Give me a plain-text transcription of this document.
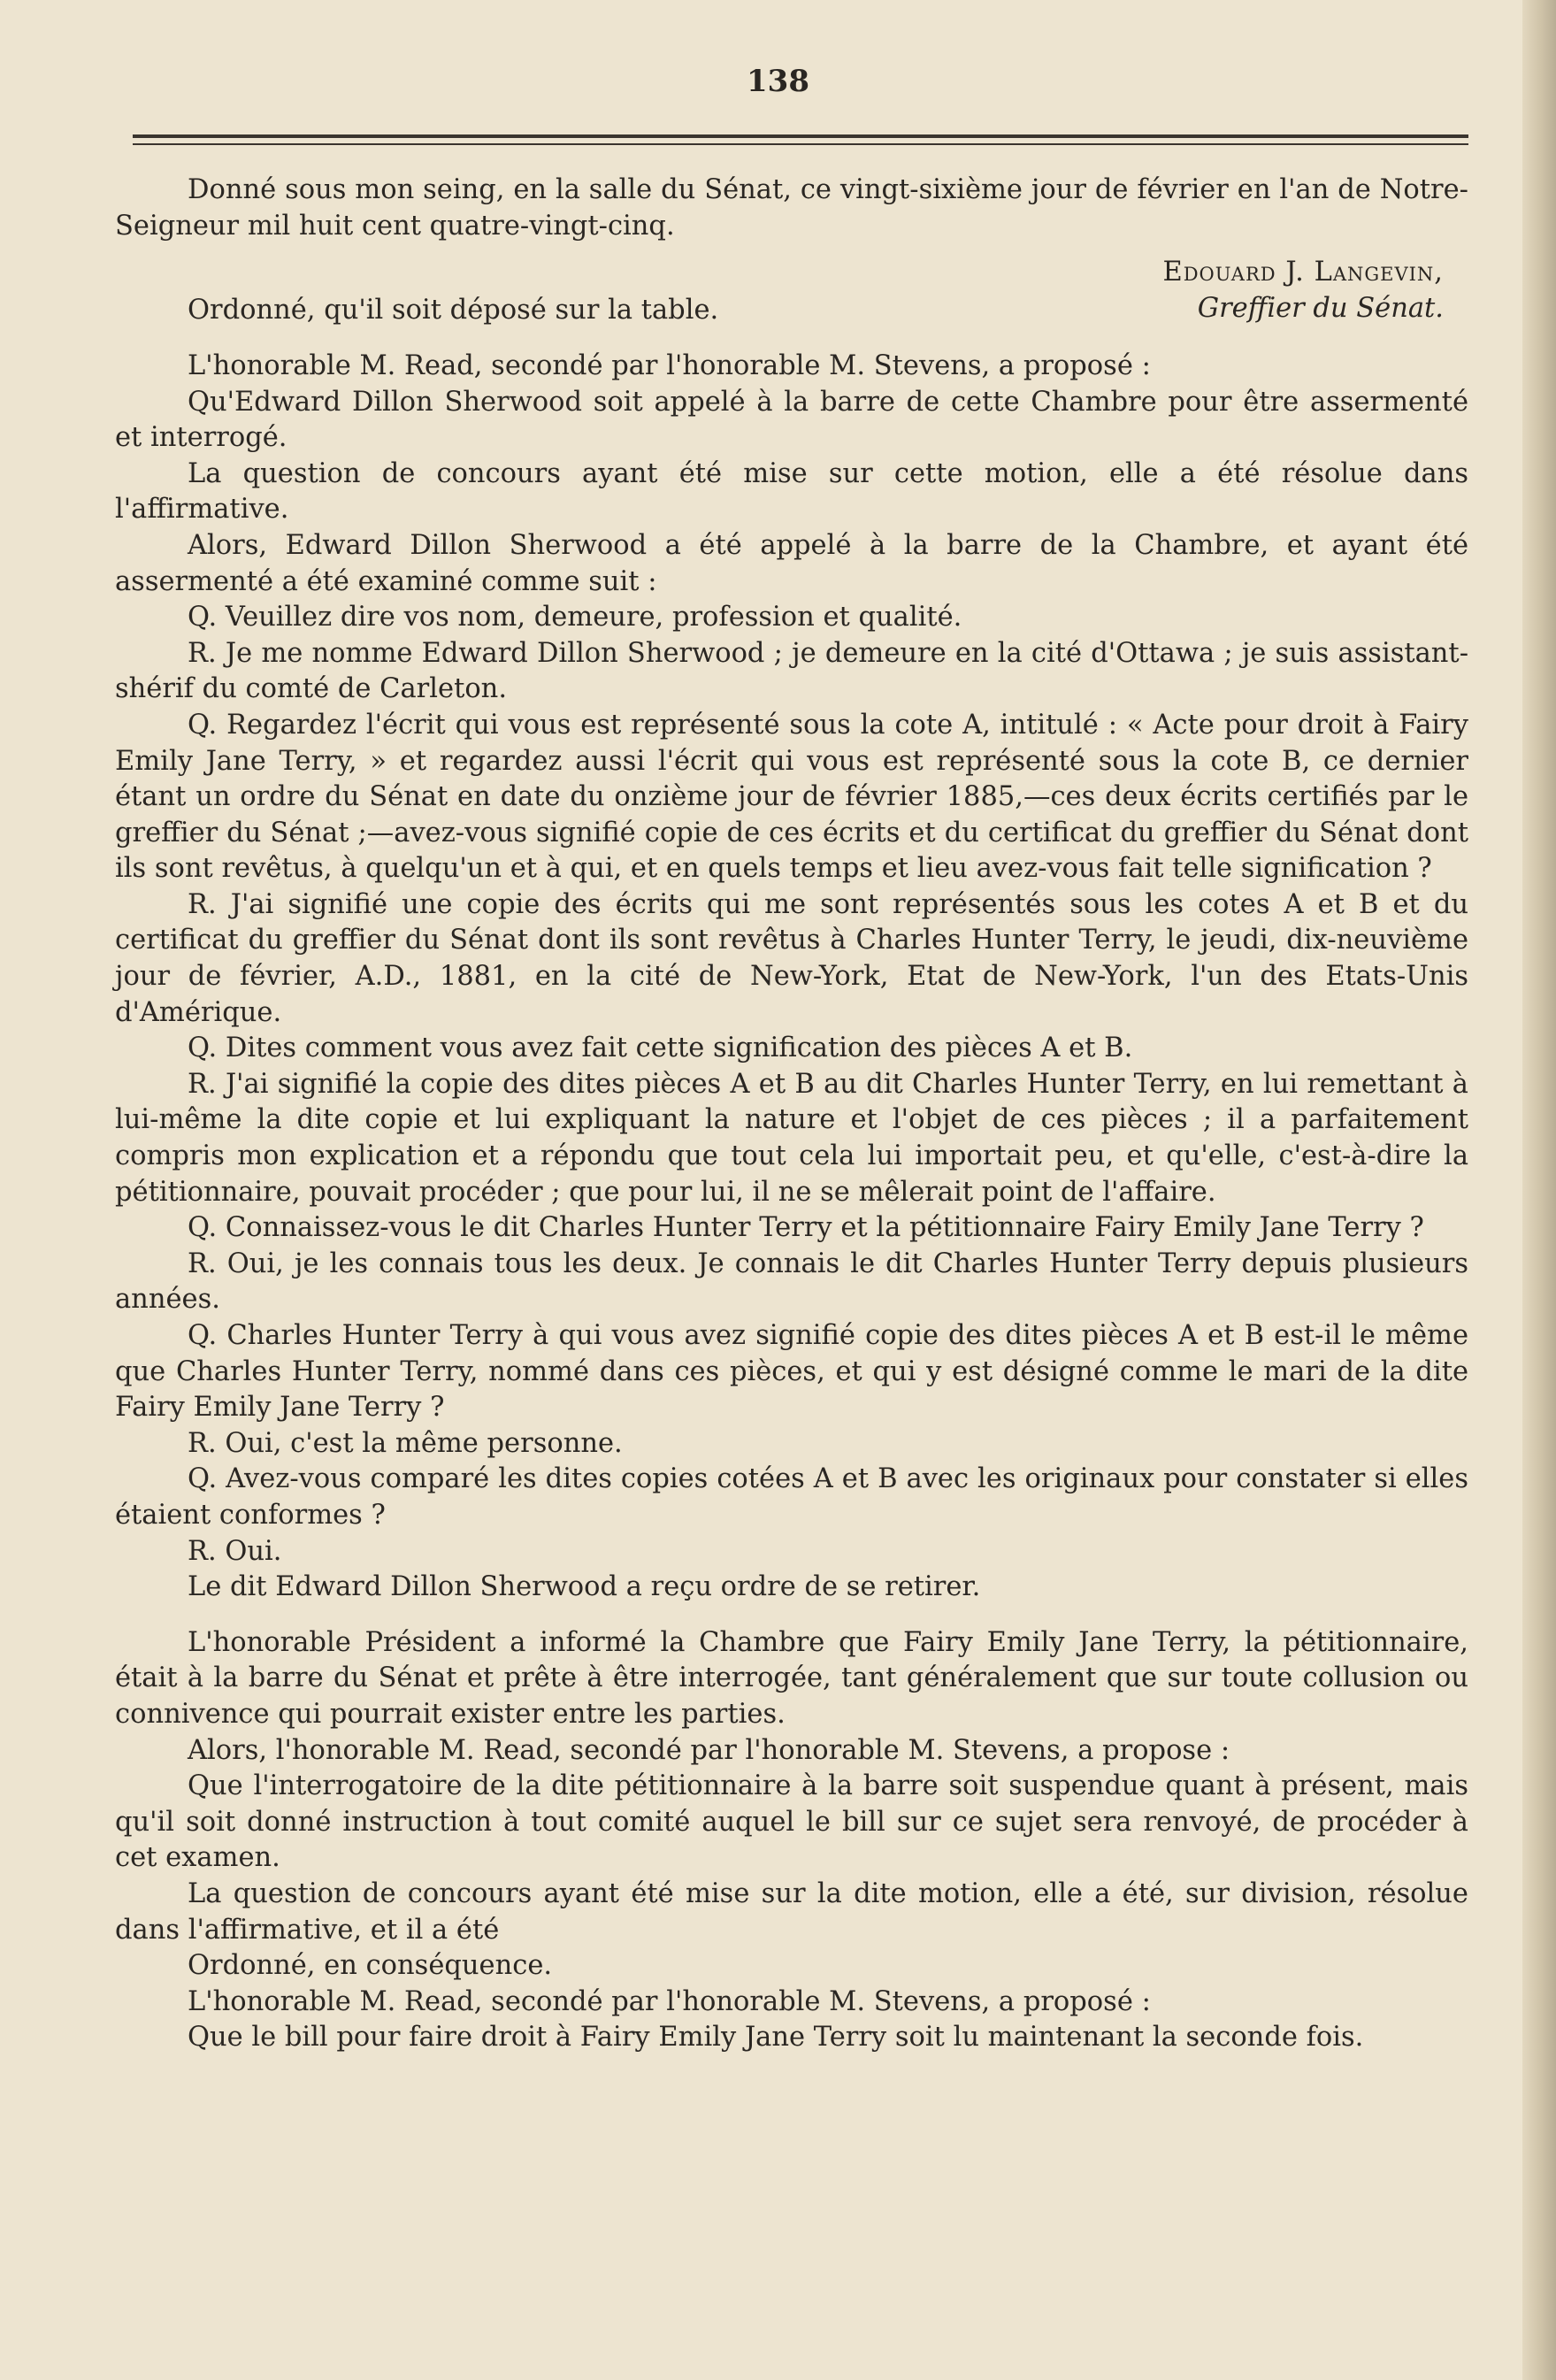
138

Donné sous mon seing, en la salle du Sénat, ce vingt-sixième jour de février en l'an de Notre-Seigneur mil huit cent quatre-vingt-cinq.

Edouard J. Langevin,

Greffier du Sénat.

Ordonné, qu'il soit déposé sur la table.

L'honorable M. Read, secondé par l'honorable M. Stevens, a proposé :

Qu'Edward Dillon Sherwood soit appelé à la barre de cette Chambre pour être assermenté et interrogé.

La question de concours ayant été mise sur cette motion, elle a été résolue dans l'affirmative.

Alors, Edward Dillon Sherwood a été appelé à la barre de la Chambre, et ayant été assermenté a été examiné comme suit :

Q. Veuillez dire vos nom, demeure, profession et qualité.

R. Je me nomme Edward Dillon Sherwood ; je demeure en la cité d'Ottawa ; je suis assistant-shérif du comté de Carleton.

Q. Regardez l'écrit qui vous est représenté sous la cote A, intitulé : « Acte pour droit à Fairy Emily Jane Terry, » et regardez aussi l'écrit qui vous est représenté sous la cote B, ce dernier étant un ordre du Sénat en date du onzième jour de février 1885,—ces deux écrits certifiés par le greffier du Sénat ;—avez-vous signifié copie de ces écrits et du certificat du greffier du Sénat dont ils sont revêtus, à quelqu'un et à qui, et en quels temps et lieu avez-vous fait telle signification ?

R. J'ai signifié une copie des écrits qui me sont représentés sous les cotes A et B et du certificat du greffier du Sénat dont ils sont revêtus à Charles Hunter Terry, le jeudi, dix-neuvième jour de février, A.D., 1881, en la cité de New-York, Etat de New-York, l'un des Etats-Unis d'Amérique.

Q. Dites comment vous avez fait cette signification des pièces A et B.

R. J'ai signifié la copie des dites pièces A et B au dit Charles Hunter Terry, en lui remettant à lui-même la dite copie et lui expliquant la nature et l'objet de ces pièces ; il a parfaitement compris mon explication et a répondu que tout cela lui importait peu, et qu'elle, c'est-à-dire la pétitionnaire, pouvait procéder ; que pour lui, il ne se mêlerait point de l'affaire.

Q. Connaissez-vous le dit Charles Hunter Terry et la pétitionnaire Fairy Emily Jane Terry ?

R. Oui, je les connais tous les deux. Je connais le dit Charles Hunter Terry depuis plusieurs années.

Q. Charles Hunter Terry à qui vous avez signifié copie des dites pièces A et B est-il le même que Charles Hunter Terry, nommé dans ces pièces, et qui y est désigné comme le mari de la dite Fairy Emily Jane Terry ?

R. Oui, c'est la même personne.

Q. Avez-vous comparé les dites copies cotées A et B avec les originaux pour constater si elles étaient conformes ?

R. Oui.

Le dit Edward Dillon Sherwood a reçu ordre de se retirer.

L'honorable Président a informé la Chambre que Fairy Emily Jane Terry, la pétitionnaire, était à la barre du Sénat et prête à être interrogée, tant généralement que sur toute collusion ou connivence qui pourrait exister entre les parties.

Alors, l'honorable M. Read, secondé par l'honorable M. Stevens, a propose :

Que l'interrogatoire de la dite pétitionnaire à la barre soit suspendue quant à présent, mais qu'il soit donné instruction à tout comité auquel le bill sur ce sujet sera renvoyé, de procéder à cet examen.

La question de concours ayant été mise sur la dite motion, elle a été, sur division, résolue dans l'affirmative, et il a été

Ordonné, en conséquence.

L'honorable M. Read, secondé par l'honorable M. Stevens, a proposé :

Que le bill pour faire droit à Fairy Emily Jane Terry soit lu maintenant la seconde fois.
